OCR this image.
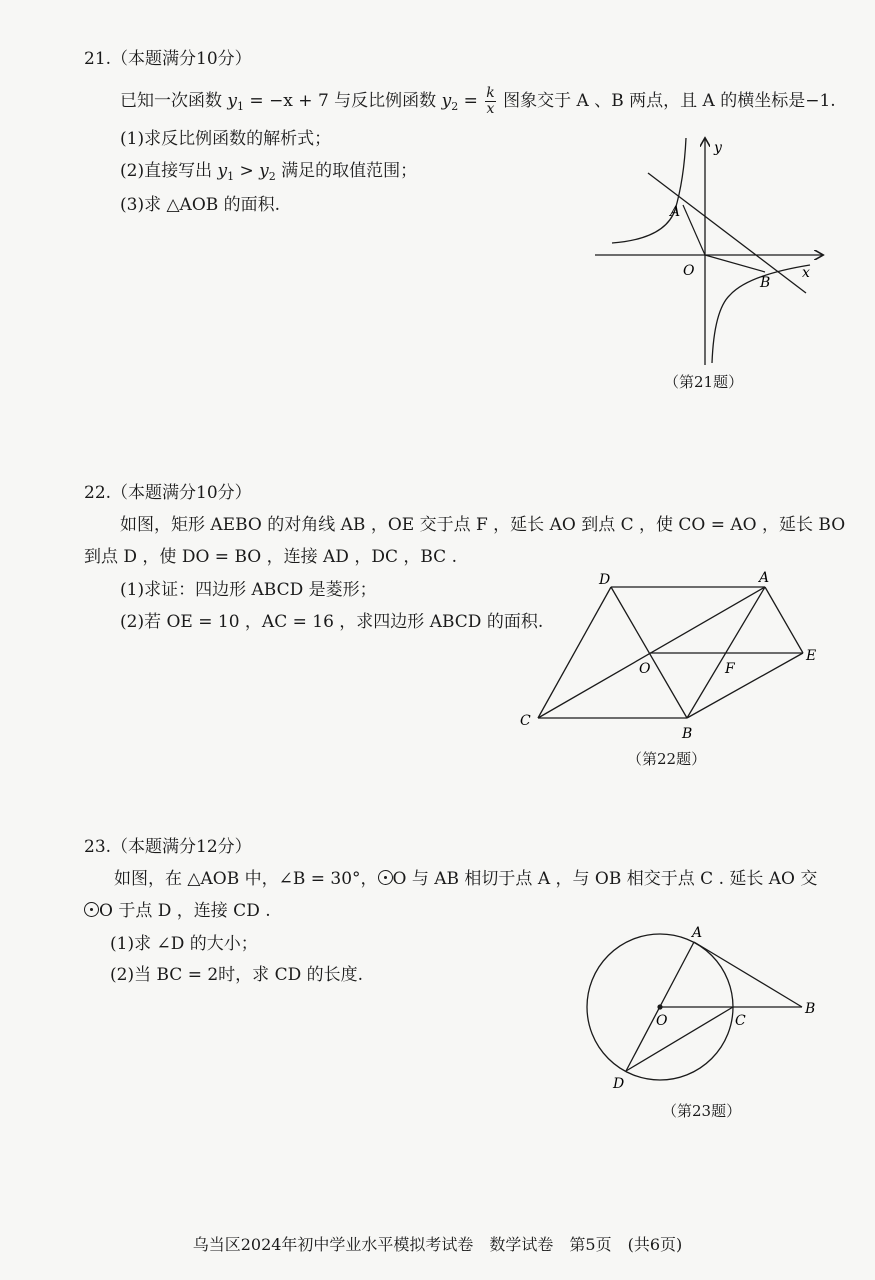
21.（本题满分10分）
已知一次函数 $y_1 = -x + 7$ 与反比例函数 $y_2 = \frac{k}{x}$ 图象交于 A 、B 两点，且 A 的横坐标是−1.
(1)求反比例函数的解析式；
(2)直接写出 $y_1 > y_2$ 满足的取值范围；
(3)求 △AOB 的面积.
y
x
O
A
B
（第21题）
22.（本题满分10分）
如图，矩形 AEBO 的对角线 AB ，OE 交于点 F ，延长 AO 到点 C ，使 CO = AO ，延长 BO
到点 D ，使 DO = BO ，连接 AD ，DC ，BC .
(1)求证：四边形 ABCD 是菱形；
(2)若 OE = 10 ，AC = 16 ，求四边形 ABCD 的面积.
D	A
O	F
E
C
B
（第22题）
23.（本题满分12分）
如图，在 △AOB 中，∠B = 30°， O 与 AB 相切于点 A ，与 OB 相交于点 C . 延长 AO 交
O 于点 D ，连接 CD .
(1)求 ∠D 的大小；
(2)当 BC = 2时，求 CD 的长度.
A
O	C
B
D
（第23题）
乌当区2024年初中学业水平模拟考试卷　数学试卷　第5页　(共6页)
